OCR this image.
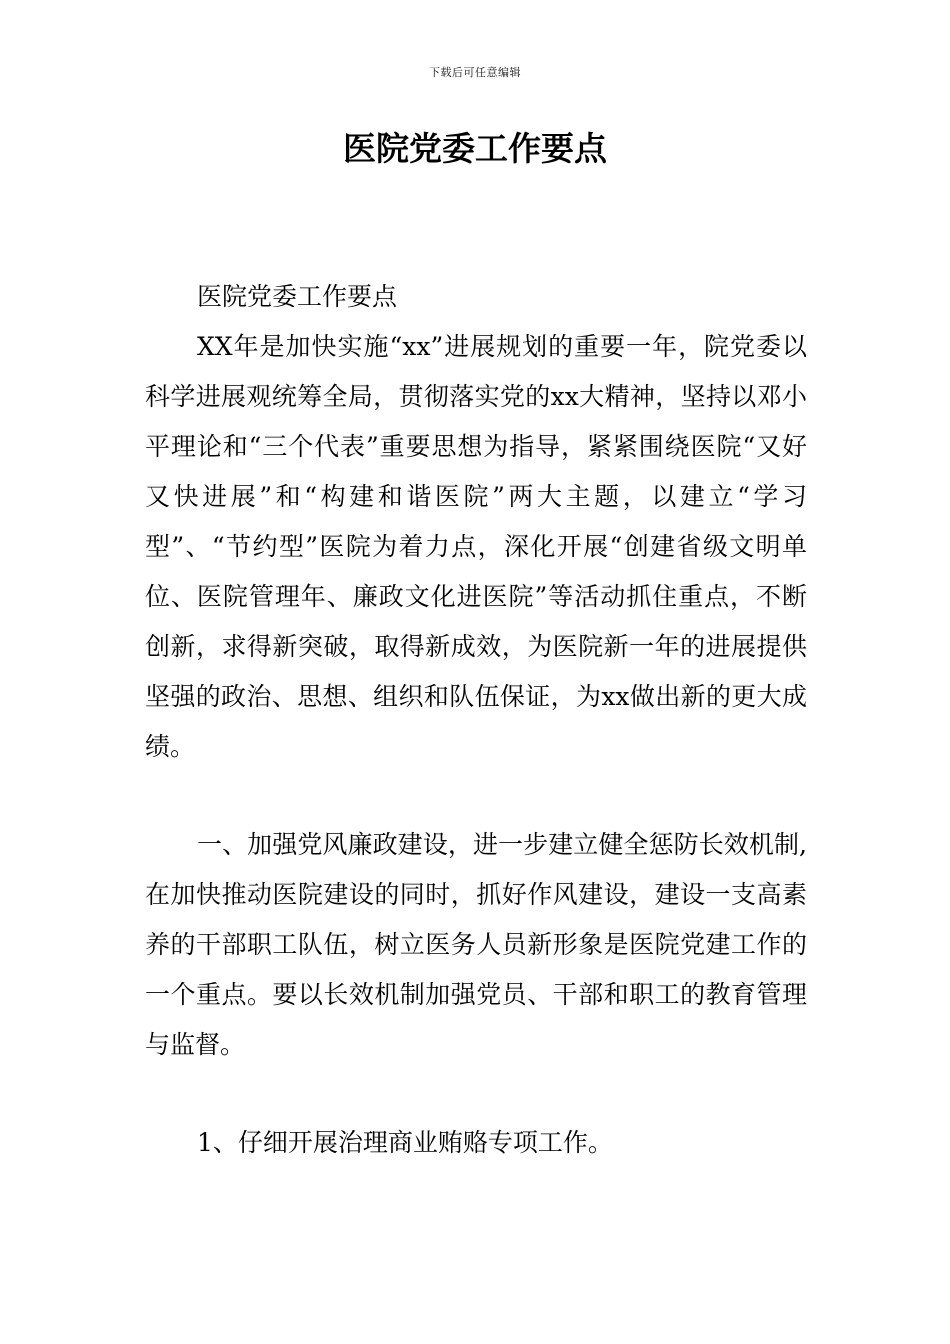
下载后可任意编辑
医院党委工作要点

医院党委工作要点

XX年是加快实施“xx”进展规划的重要一年，院党委以科学进展观统筹全局，贯彻落实党的xx大精神，坚持以邓小平理论和“三个代表”重要思想为指导，紧紧围绕医院“又好又快进展”和“构建和谐医院”两大主题，以建立“学习型”、“节约型”医院为着力点，深化开展“创建省级文明单位、医院管理年、廉政文化进医院”等活动抓住重点，不断创新，求得新突破，取得新成效，为医院新一年的进展提供坚强的政治、思想、组织和队伍保证，为xx做出新的更大成绩。

一、加强党风廉政建设，进一步建立健全惩防长效机制,在加快推动医院建设的同时，抓好作风建设，建设一支高素养的干部职工队伍，树立医务人员新形象是医院党建工作的一个重点。要以长效机制加强党员、干部和职工的教育管理与监督。

1、仔细开展治理商业贿赂专项工作。
